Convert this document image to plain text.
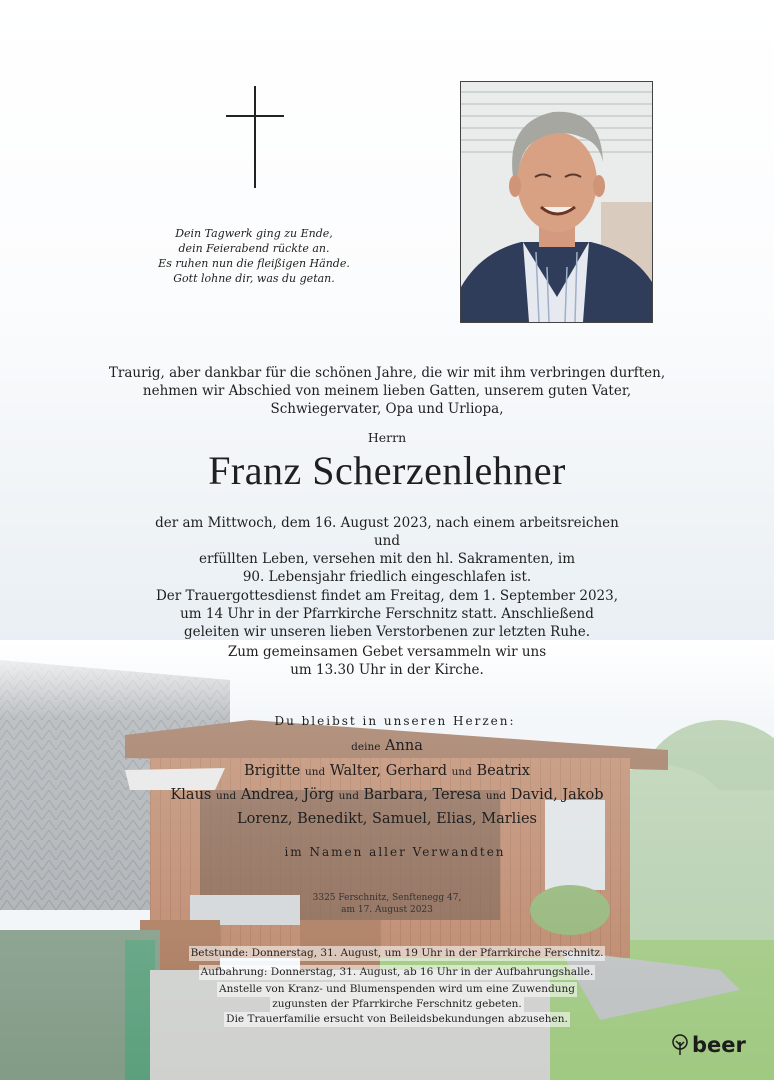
Dein Tagwerk ging zu Ende,
dein Feierabend rückte an.
Es ruhen nun die fleißigen Hände.
Gott lohne dir, was du getan.
Traurig, aber dankbar für die schönen Jahre, die wir mit ihm verbringen durften,
nehmen wir Abschied von meinem lieben Gatten, unserem guten Vater,
Schwiegervater, Opa und Urliopa,
Herrn
Franz Scherzenlehner
der am Mittwoch, dem 16. August 2023, nach einem arbeitsreichen und
erfüllten Leben, versehen mit den hl. Sakramenten, im
90. Lebensjahr friedlich eingeschlafen ist.
Der Trauergottesdienst findet am Freitag, dem 1. September 2023,
um 14 Uhr in der Pfarrkirche Ferschnitz statt. Anschließend
geleiten wir unseren lieben Verstorbenen zur letzten Ruhe.
Zum gemeinsamen Gebet versammeln wir uns
um 13.30 Uhr in der Kirche.
Du bleibst in unseren Herzen:
deine Anna
Brigitte und Walter, Gerhard und Beatrix
Klaus und Andrea, Jörg und Barbara, Teresa und David, Jakob
Lorenz, Benedikt, Samuel, Elias, Marlies
im Namen aller Verwandten
3325 Ferschnitz, Senftenegg 47,
am 17. August 2023
Betstunde: Donnerstag, 31. August, um 19 Uhr in der Pfarrkirche Ferschnitz.
Aufbahrung: Donnerstag, 31. August, ab 16 Uhr in der Aufbahrungshalle.
Anstelle von Kranz- und Blumenspenden wird um eine Zuwendung
zugunsten der Pfarrkirche Ferschnitz gebeten.
Die Trauerfamilie ersucht von Beileidsbekundungen abzusehen.
beer
